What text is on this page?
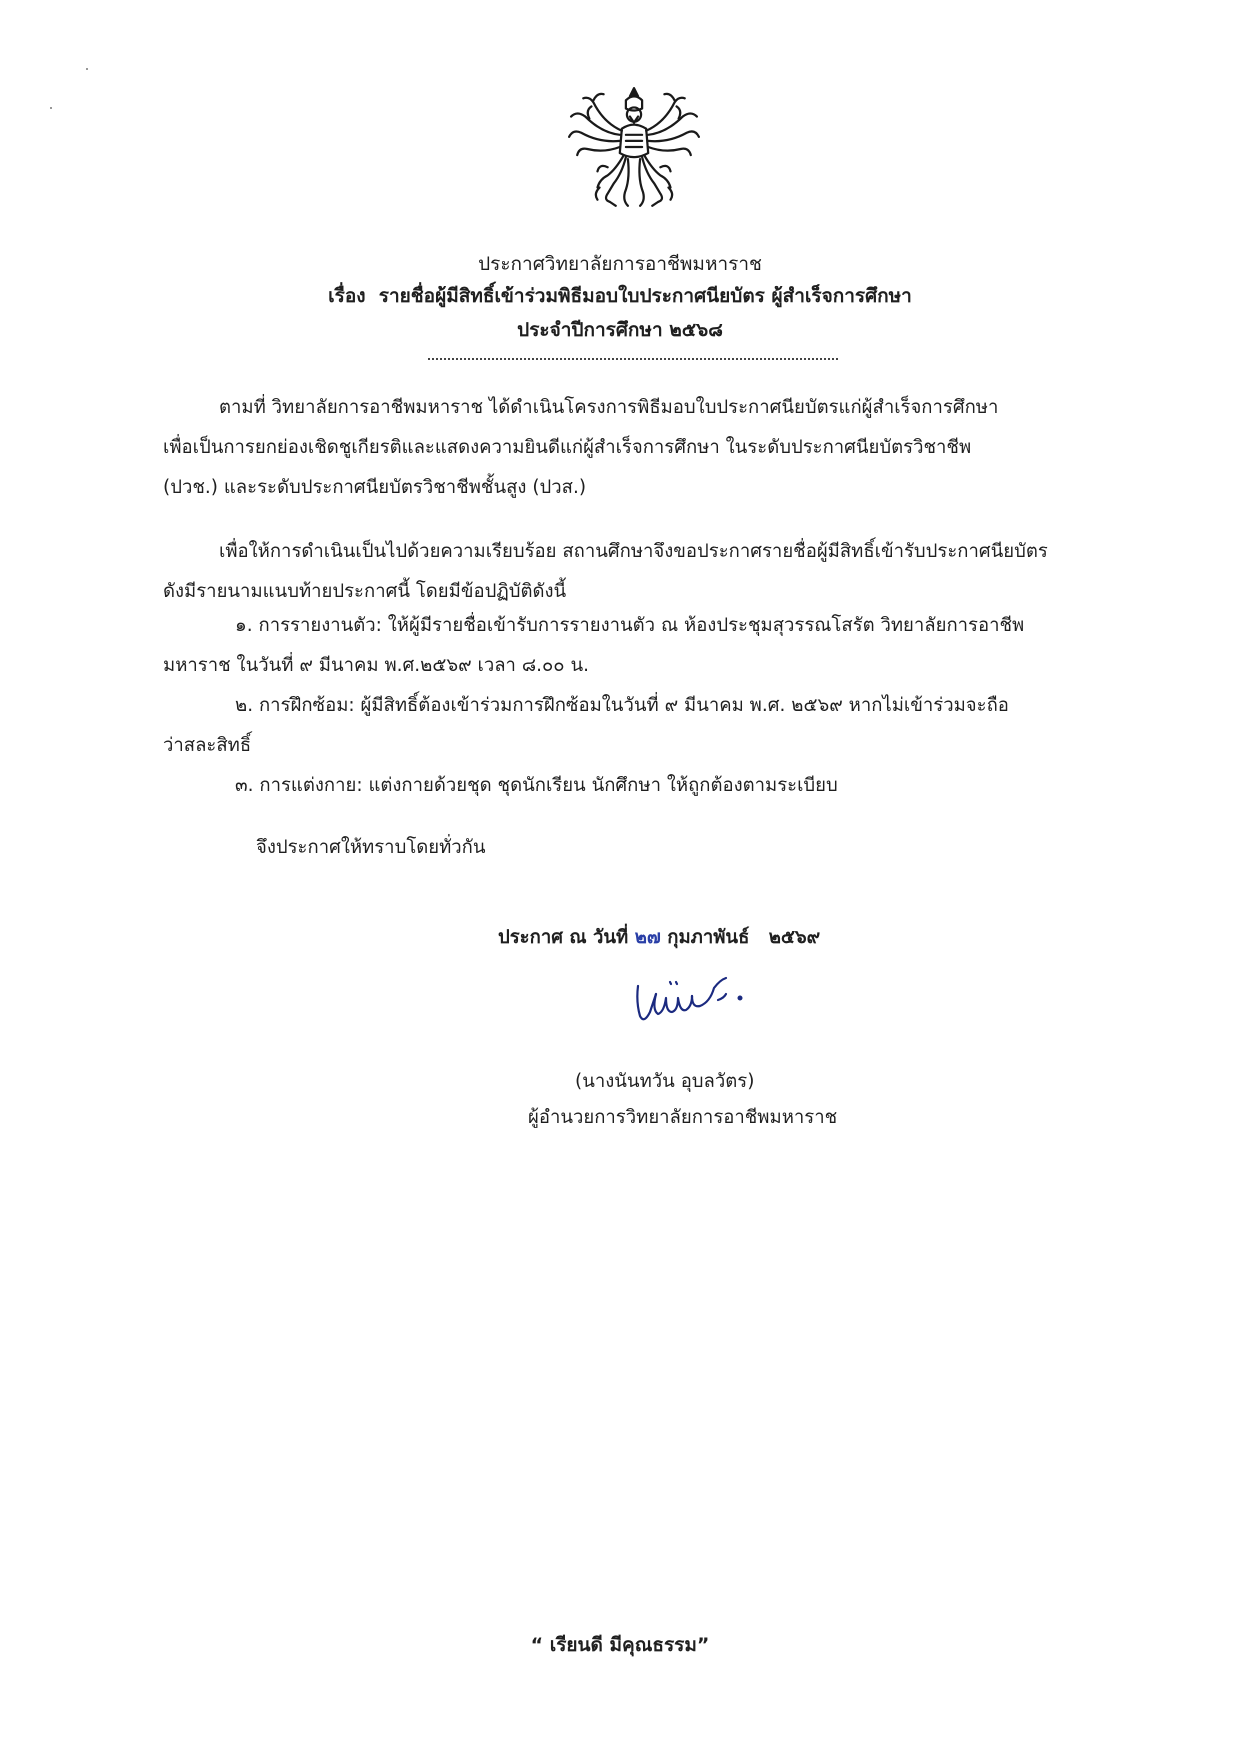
ประกาศวิทยาลัยการอาชีพมหาราช
เรื่อง รายชื่อผู้มีสิทธิ์เข้าร่วมพิธีมอบใบประกาศนียบัตร ผู้สำเร็จการศึกษา
ประจำปีการศึกษา ๒๕๖๘
ตามที่ วิทยาลัยการอาชีพมหาราช ได้ดำเนินโครงการพิธีมอบใบประกาศนียบัตรแก่ผู้สำเร็จการศึกษา
เพื่อเป็นการยกย่องเชิดชูเกียรติและแสดงความยินดีแก่ผู้สำเร็จการศึกษา ในระดับประกาศนียบัตรวิชาชีพ
(ปวช.) และระดับประกาศนียบัตรวิชาชีพชั้นสูง (ปวส.)
เพื่อให้การดำเนินเป็นไปด้วยความเรียบร้อย สถานศึกษาจึงขอประกาศรายชื่อผู้มีสิทธิ์เข้ารับประกาศนียบัตร
ดังมีรายนามแนบท้ายประกาศนี้ โดยมีข้อปฏิบัติดังนี้
๑. การรายงานตัว: ให้ผู้มีรายชื่อเข้ารับการรายงานตัว ณ ห้องประชุมสุวรรณโสรัต วิทยาลัยการอาชีพ
มหาราช ในวันที่ ๙ มีนาคม พ.ศ.๒๕๖๙ เวลา ๘.๐๐ น.
๒. การฝึกซ้อม: ผู้มีสิทธิ์ต้องเข้าร่วมการฝึกซ้อมในวันที่ ๙ มีนาคม พ.ศ. ๒๕๖๙ หากไม่เข้าร่วมจะถือ
ว่าสละสิทธิ์
๓. การแต่งกาย: แต่งกายด้วยชุด ชุดนักเรียน นักศึกษา ให้ถูกต้องตามระเบียบ
จึงประกาศให้ทราบโดยทั่วกัน
ประกาศ ณ วันที่ ๒๗ กุมภาพันธ์ ๒๕๖๙
(นางนันทวัน อุบลวัตร)
ผู้อำนวยการวิทยาลัยการอาชีพมหาราช
“ เรียนดี มีคุณธรรม”
